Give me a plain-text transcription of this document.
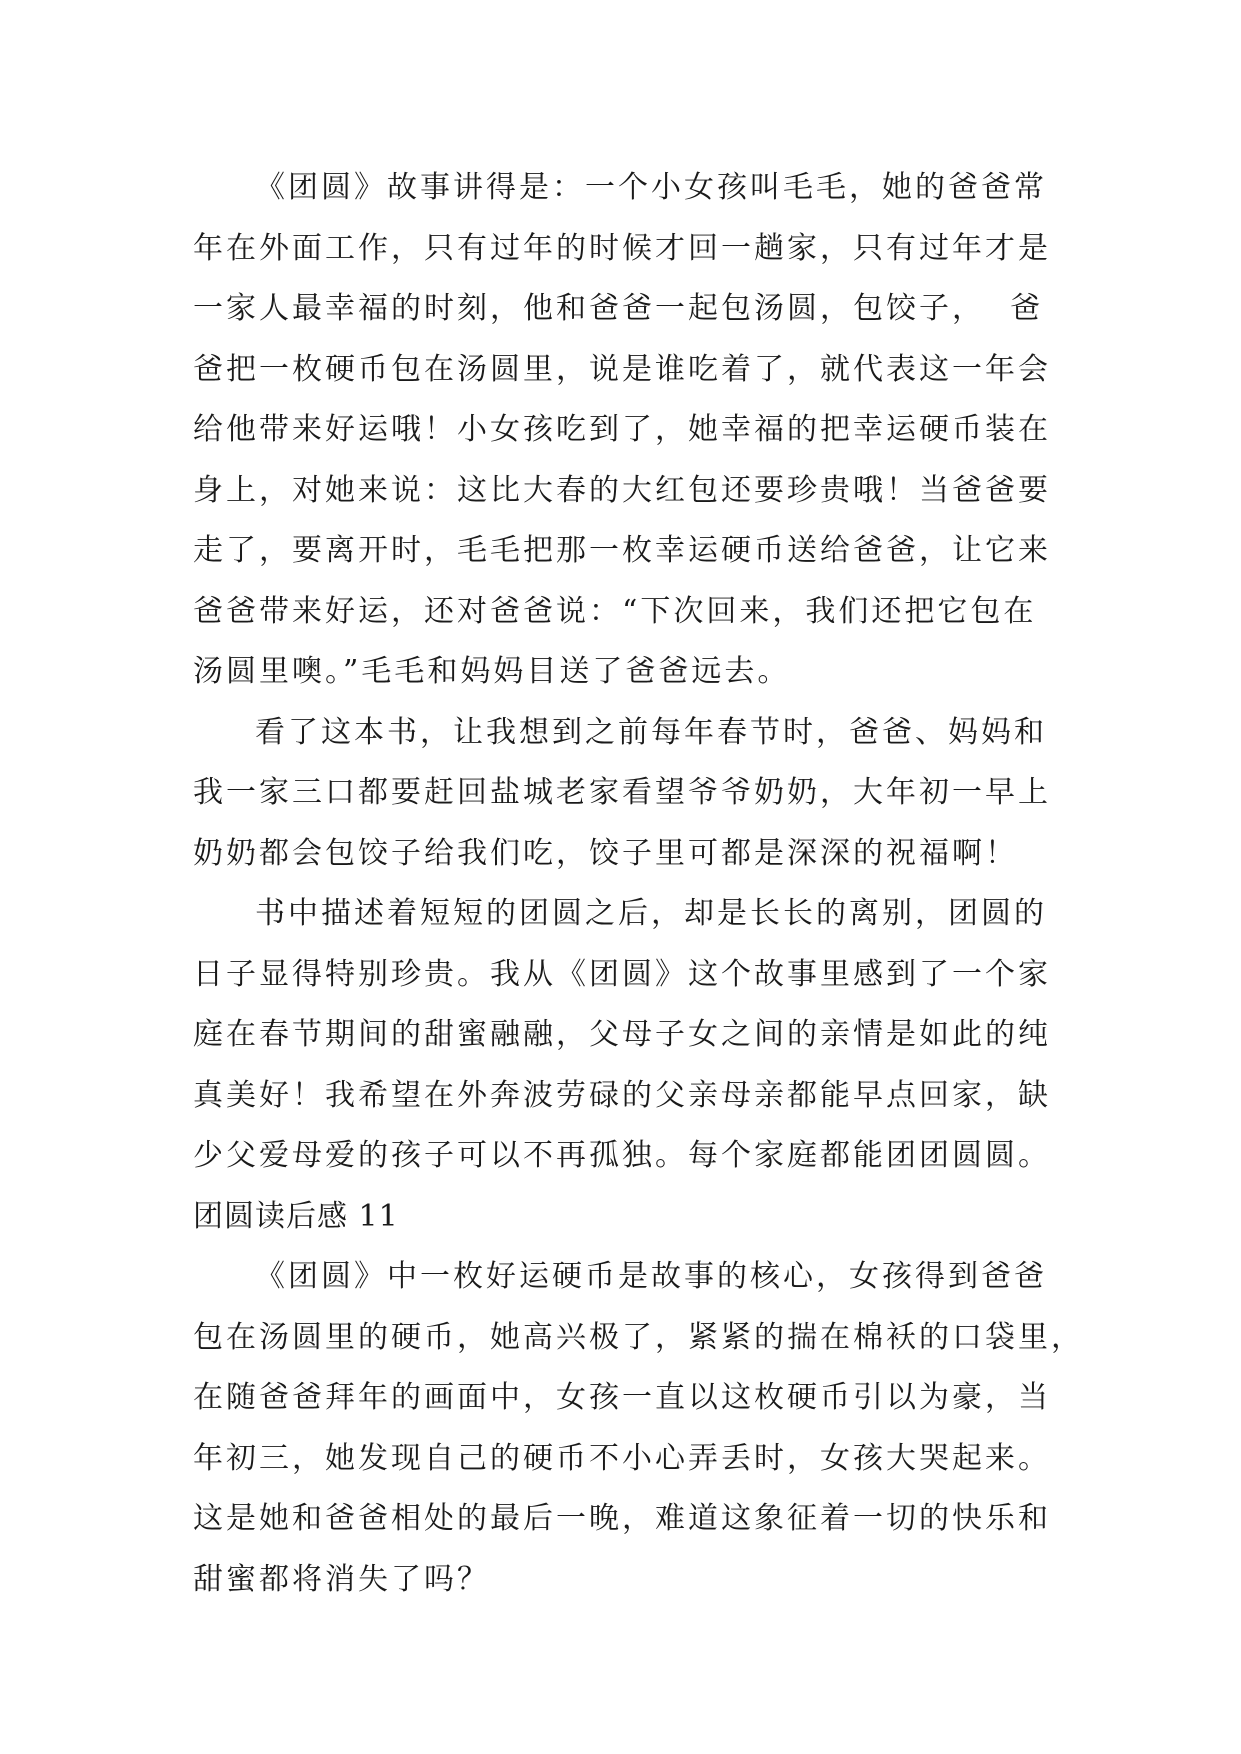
《团圆》故事讲得是：一个小女孩叫毛毛，她的爸爸常
年在外面工作，只有过年的时候才回一趟家，只有过年才是
一家人最幸福的时刻，他和爸爸一起包汤圆，包饺子，  爸
爸把一枚硬币包在汤圆里，说是谁吃着了，就代表这一年会
给他带来好运哦！小女孩吃到了，她幸福的把幸运硬币装在
身上，对她来说：这比大春的大红包还要珍贵哦！当爸爸要
走了，要离开时，毛毛把那一枚幸运硬币送给爸爸，让它来
爸爸带来好运，还对爸爸说：“下次回来，我们还把它包在
汤圆里噢。”毛毛和妈妈目送了爸爸远去。
看了这本书，让我想到之前每年春节时，爸爸、妈妈和
我一家三口都要赶回盐城老家看望爷爷奶奶，大年初一早上
奶奶都会包饺子给我们吃，饺子里可都是深深的祝福啊！
书中描述着短短的团圆之后，却是长长的离别，团圆的
日子显得特别珍贵。我从《团圆》这个故事里感到了一个家
庭在春节期间的甜蜜融融，父母子女之间的亲情是如此的纯
真美好！我希望在外奔波劳碌的父亲母亲都能早点回家，缺
少父爱母爱的孩子可以不再孤独。每个家庭都能团团圆圆。
团圆读后感 11
《团圆》中一枚好运硬币是故事的核心，女孩得到爸爸
包在汤圆里的硬币，她高兴极了，紧紧的揣在棉袄的口袋里，
在随爸爸拜年的画面中，女孩一直以这枚硬币引以为豪，当
年初三，她发现自己的硬币不小心弄丢时，女孩大哭起来。
这是她和爸爸相处的最后一晚，难道这象征着一切的快乐和
甜蜜都将消失了吗？
